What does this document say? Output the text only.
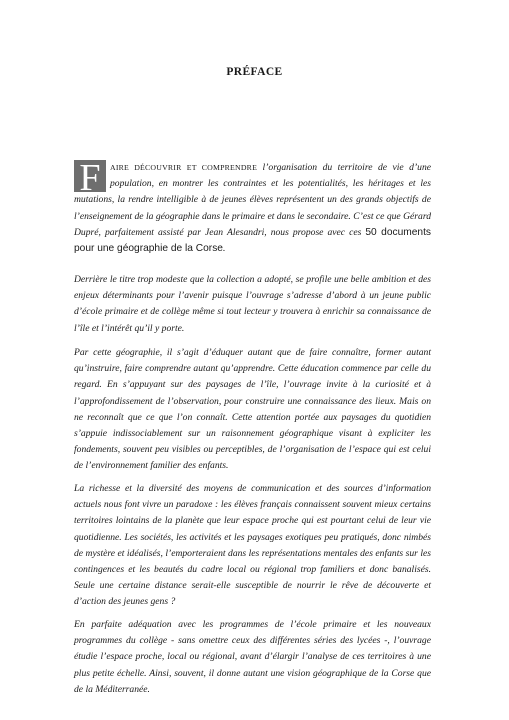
PRÉFACE

F	AIRE DÉCOUVRIR ET COMPRENDRE l’organisation du territoire de vie d’une population, en montrer les contraintes et les potentialités, les héritages et les mutations, la rendre intelligible à de jeunes élèves représentent un des grands objectifs de l’enseignement de la géographie dans le primaire et dans le secondaire. C’est ce que Gérard Dupré, parfaitement assisté par Jean Alesandri, nous propose avec ces 50 documents pour une géographie de la Corse.

Derrière le titre trop modeste que la collection a adopté, se profile une belle ambition et des enjeux déterminants pour l’avenir puisque l’ouvrage s’adresse d’abord à un jeune public d’école primaire et de collège même si tout lecteur y trouvera à enrichir sa connaissance de l’île et l’intérêt qu’il y porte.

Par cette géographie, il s’agit d’éduquer autant que de faire connaître, former autant qu’instruire, faire comprendre autant qu’apprendre. Cette éducation commence par celle du regard. En s’appuyant sur des paysages de l’île, l’ouvrage invite à la curiosité et à l’approfondissement de l’observation, pour construire une connaissance des lieux. Mais on ne reconnaît que ce que l’on connaît. Cette attention portée aux paysages du quotidien s’appuie indissociablement sur un raisonnement géographique visant à expliciter les fondements, souvent peu visibles ou perceptibles, de l’organisation de l’espace qui est celui de l’environnement familier des enfants.

La richesse et la diversité des moyens de communication et des sources d’information actuels nous font vivre un paradoxe : les élèves français connaissent souvent mieux certains territoires lointains de la planète que leur espace proche qui est pourtant celui de leur vie quotidienne. Les sociétés, les activités et les paysages exotiques peu pratiqués, donc nimbés de mystère et idéalisés, l’emporteraient dans les représentations mentales des enfants sur les contingences et les beautés du cadre local ou régional trop familiers et donc banalisés. Seule une certaine distance serait-elle susceptible de nourrir le rêve de découverte et d’action des jeunes gens ?

En parfaite adéquation avec les programmes de l’école primaire et les nouveaux programmes du collège - sans omettre ceux des différentes séries des lycées -, l’ouvrage étudie l’espace proche, local ou régional, avant d’élargir l’analyse de ces territoires à une plus petite échelle. Ainsi, souvent, il donne autant une vision géographique de la Corse que de la Méditerranée.
